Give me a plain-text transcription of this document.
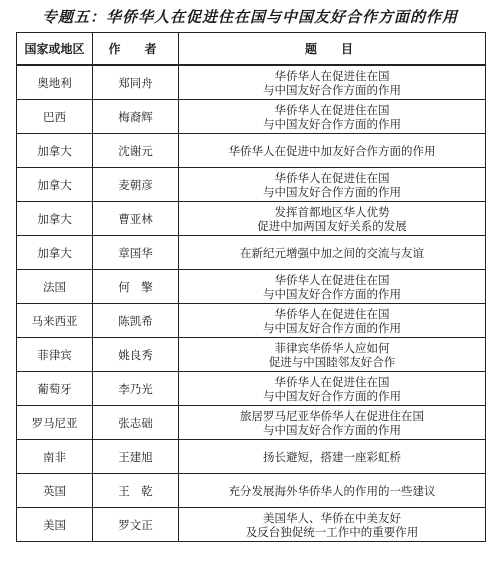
专题五：华侨华人在促进住在国与中国友好合作方面的作用
国家或地区	作　者	题　目
奥地利	郑同舟	华侨华人在促进住在国
与中国友好合作方面的作用

巴西	梅裔辉	华侨华人在促进住在国
与中国友好合作方面的作用

加拿大	沈谢元	华侨华人在促进中加友好合作方面的作用

加拿大	麦朝彦	华侨华人在促进住在国
与中国友好合作方面的作用

加拿大	曹亚林	发挥首都地区华人优势
促进中加两国友好关系的发展

加拿大	章国华	在新纪元增强中加之间的交流与友谊

法国	何　擎	华侨华人在促进住在国
与中国友好合作方面的作用

马来西亚	陈凯希	华侨华人在促进住在国
与中国友好合作方面的作用

菲律宾	姚良秀	菲律宾华侨华人应如何
促进与中国睦邻友好合作

葡萄牙	李乃光	华侨华人在促进住在国
与中国友好合作方面的作用

罗马尼亚	张志础	旅居罗马尼亚华侨华人在促进住在国
与中国友好合作方面的作用

南非	王建旭	扬长避短，搭建一座彩虹桥

英国	王　乾	充分发展海外华侨华人的作用的一些建议

美国	罗文正	美国华人、华侨在中美友好
及反台独促统一工作中的重要作用
